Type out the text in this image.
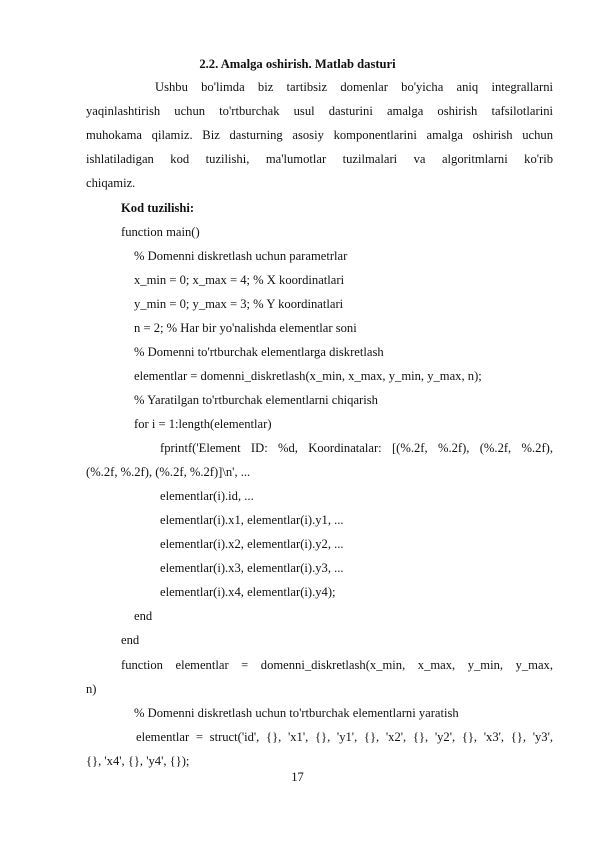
2.2. Amalga oshirish. Matlab dasturi
Ushbu bo'limda biz tartibsiz domenlar bo'yicha aniq integrallarni
yaqinlashtirish uchun to'rtburchak usul dasturini amalga oshirish tafsilotlarini
muhokama qilamiz. Biz dasturning asosiy komponentlarini amalga oshirish uchun
ishlatiladigan kod tuzilishi, ma'lumotlar tuzilmalari va algoritmlarni ko'rib
chiqamiz.
Kod tuzilishi:
function main()
% Domenni diskretlash uchun parametrlar
x_min = 0; x_max = 4; % X koordinatlari
y_min = 0; y_max = 3; % Y koordinatlari
n = 2; % Har bir yo'nalishda elementlar soni
% Domenni to'rtburchak elementlarga diskretlash
elementlar = domenni_diskretlash(x_min, x_max, y_min, y_max, n);
% Yaratilgan to'rtburchak elementlarni chiqarish
for i = 1:length(elementlar)
fprintf('Element ID: %d, Koordinatalar: [(%.2f, %.2f), (%.2f, %.2f),
(%.2f, %.2f), (%.2f, %.2f)]\n', ...
elementlar(i).id, ...
elementlar(i).x1, elementlar(i).y1, ...
elementlar(i).x2, elementlar(i).y2, ...
elementlar(i).x3, elementlar(i).y3, ...
elementlar(i).x4, elementlar(i).y4);
end
end
function elementlar = domenni_diskretlash(x_min, x_max, y_min, y_max,
n)
% Domenni diskretlash uchun to'rtburchak elementlarni yaratish
elementlar = struct('id', {}, 'x1', {}, 'y1', {}, 'x2', {}, 'y2', {}, 'x3', {}, 'y3',
{}, 'x4', {}, 'y4', {});
17
